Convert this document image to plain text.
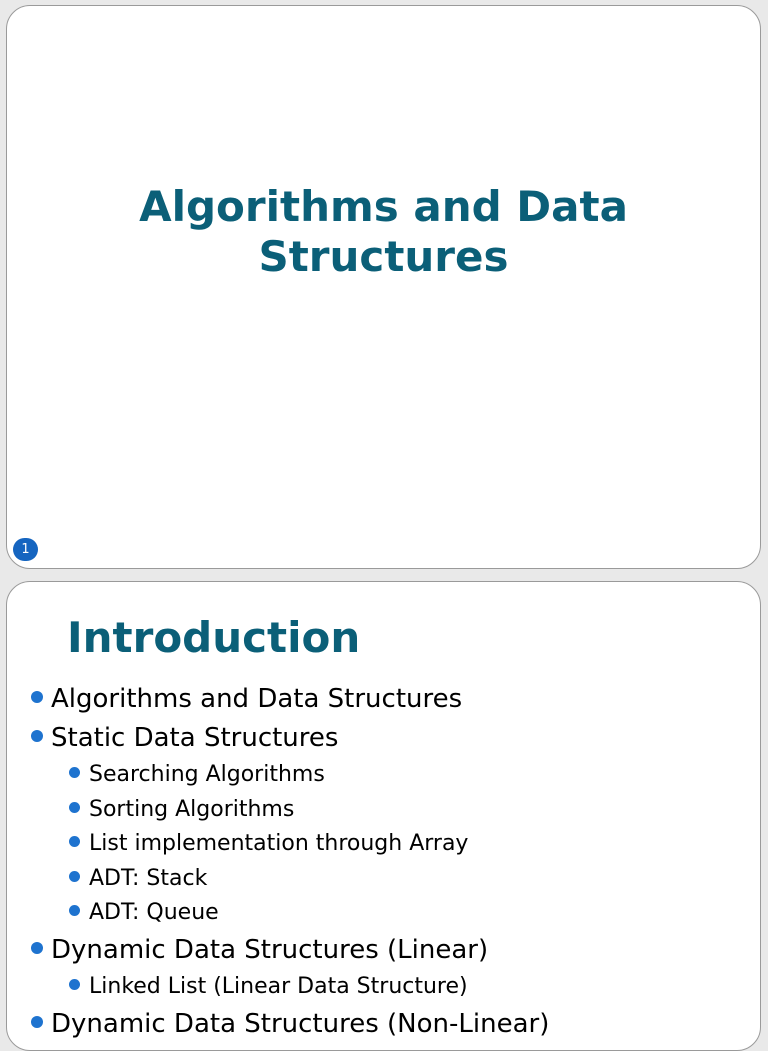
Algorithms and Data Structures
1
Introduction
Algorithms and Data Structures
Static Data Structures
Searching Algorithms
Sorting Algorithms
List implementation through Array
ADT: Stack
ADT: Queue
Dynamic Data Structures (Linear)
Linked List (Linear Data Structure)
Dynamic Data Structures (Non-Linear)
